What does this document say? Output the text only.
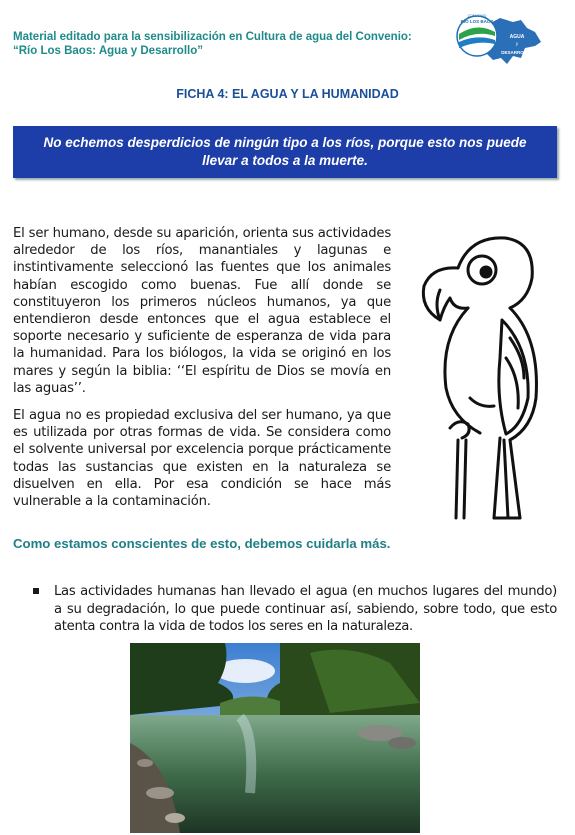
Material editado para la sensibilización en Cultura de agua del Convenio:
“Río Los Baos: Agua y Desarrollo”
CONVENIO
RÍO LOS BAOS
AGUA
y
DESARROLLO
FICHA 4: EL AGUA Y LA HUMANIDAD
No echemos desperdicios de ningún tipo a los ríos, porque esto nos puede llevar a todos a la muerte.
El ser humano, desde su aparición, orienta sus actividades alrededor de los ríos, manantiales y lagunas e instintivamente seleccionó las fuentes que los animales habían escogido como buenas. Fue allí donde se constituyeron los primeros núcleos humanos, ya que entendieron desde entonces que el agua establece el soporte necesario y suficiente de esperanza de vida para la humanidad. Para los biólogos, la vida se originó en los mares y según la biblia: ‘‘El espíritu de Dios se movía en las aguas’’.
El agua no es propiedad exclusiva del ser humano, ya que es utilizada por otras formas de vida. Se considera como el solvente universal por excelencia porque prácticamente todas las sustancias que existen en la naturaleza se disuelven en ella. Por esa condición se hace más vulnerable a la contaminación.
Como estamos conscientes de esto, debemos cuidarla más.
Las actividades humanas han llevado el agua (en muchos lugares del mundo) a su degradación, lo que puede continuar así, sabiendo, sobre todo, que esto atenta contra la vida de todos los seres en la naturaleza.
